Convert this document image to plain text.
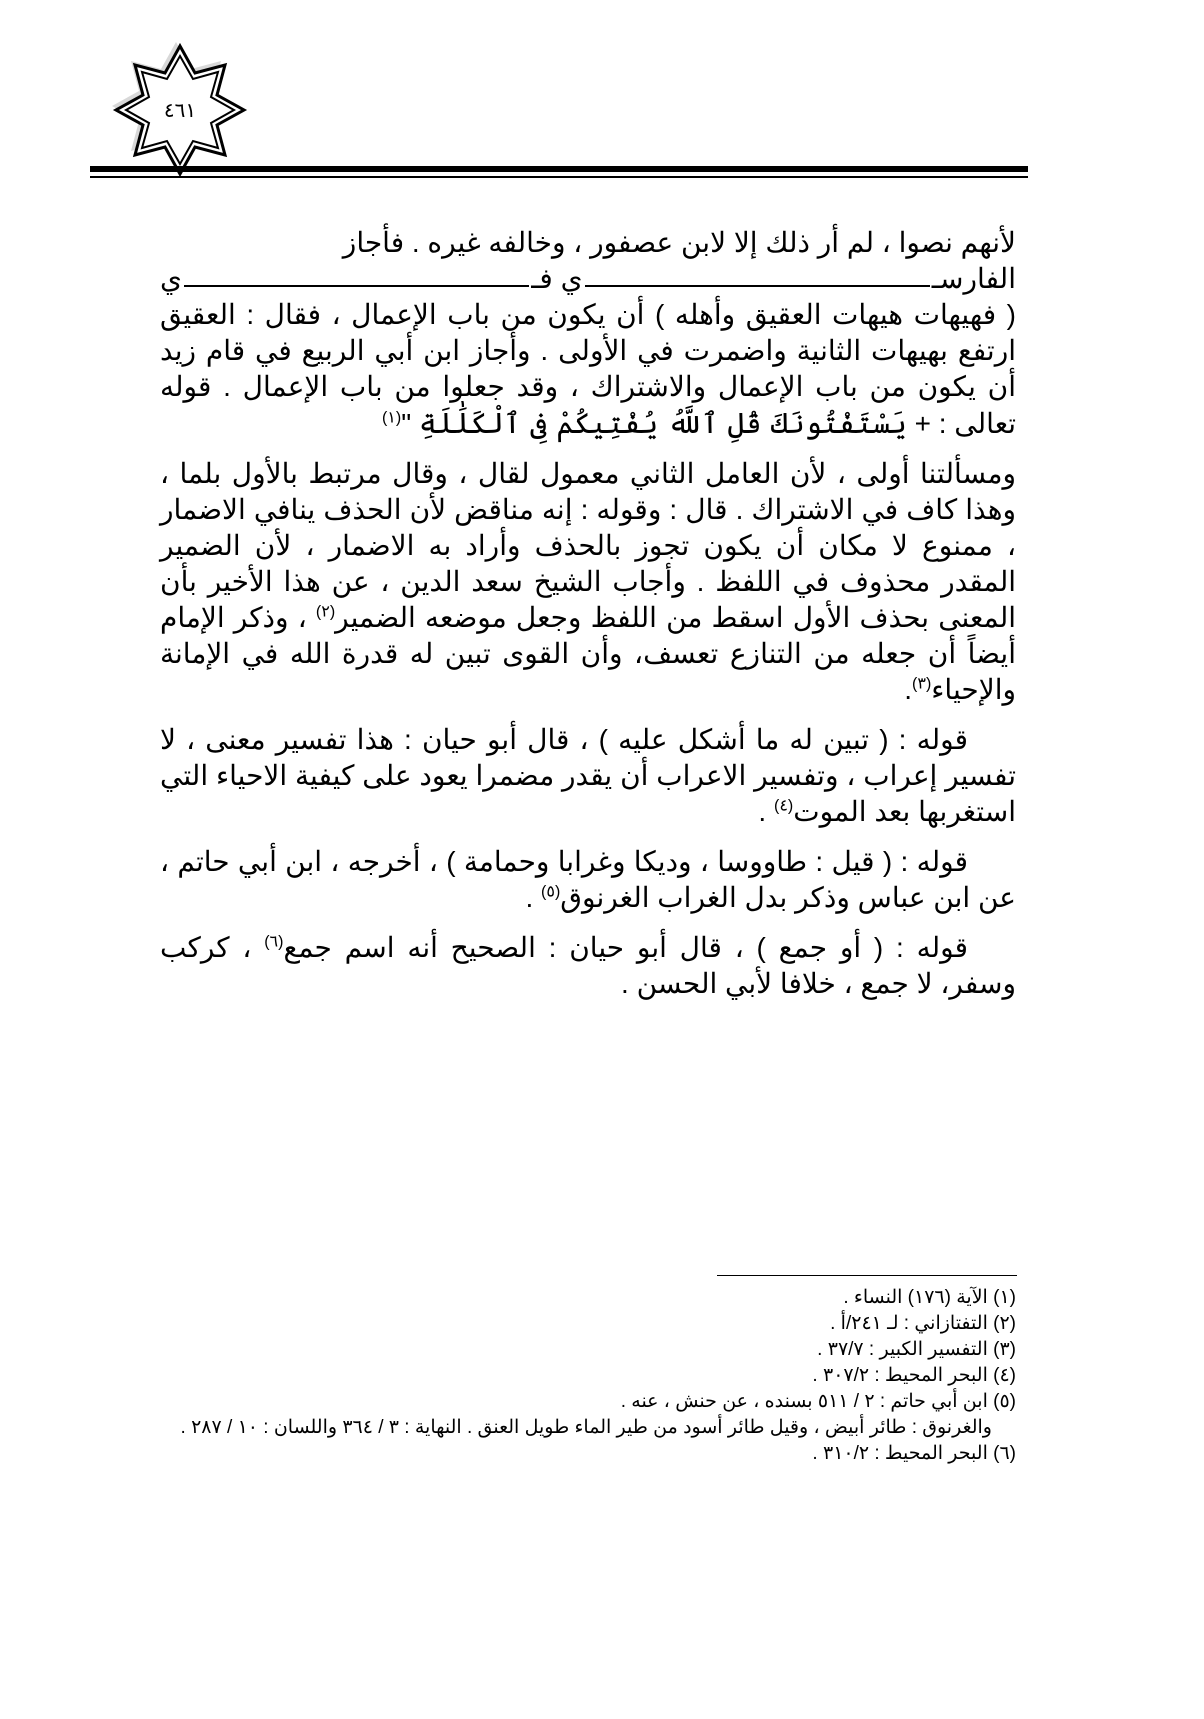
٤٦١

لأنهم نصوا ، لم أر ذلك إلا لابن عصفور ، وخالفه غيره . فأجاز

الفارسـ
ي فـ
ي

( فهيهات هيهات العقيق وأهله ) أن يكون من باب الإعمال ، فقال : العقيق ارتفع بهيهات الثانية واضمرت في الأولى . وأجاز ابن أبي الربيع في قام زيد أن يكون من باب الإعمال والاشتراك ، وقد جعلوا من باب الإعمال . قوله تعالى : + يَسْتَفْتُونَكَ قُلِ ٱللَّهُ يُفْتِيكُمْ فِى ٱلْكَلَٰلَةِ "$^{(١)}$

ومسألتنا أولى ، لأن العامل الثاني معمول لقال ، وقال مرتبط بالأول بلما ، وهذا كاف في الاشتراك . قال : وقوله : إنه مناقض لأن الحذف ينافي الاضمار ، ممنوع لا مكان أن يكون تجوز بالحذف وأراد به الاضمار ، لأن الضمير المقدر محذوف في اللفظ . وأجاب الشيخ سعد الدين ، عن هذا الأخير بأن المعنى بحذف الأول اسقط من اللفظ وجعل موضعه الضمير$^{(٢)}$ ، وذكر الإمام أيضاً أن جعله من التنازع تعسف، وأن القوى تبين له قدرة الله في الإمانة والإحياء$^{(٣)}$.

قوله : ( تبين له ما أشكل عليه ) ، قال أبو حيان : هذا تفسير معنى ، لا تفسير إعراب ، وتفسير الاعراب أن يقدر مضمرا يعود على كيفية الاحياء التي استغربها بعد الموت$^{(٤)}$ .

قوله : ( قيل : طاووسا ، وديكا وغرابا وحمامة ) ، أخرجه ، ابن أبي حاتم ، عن ابن عباس وذكر بدل الغراب الغرنوق$^{(٥)}$ .

قوله : ( أو جمع ) ، قال أبو حيان : الصحيح أنه اسم جمع$^{(٦)}$ ، كركب وسفر، لا جمع ، خلافا لأبي الحسن .

(١) الآية (١٧٦) النساء .
(٢) التفتازاني : لـ ٢٤١/أ .
(٣) التفسير الكبير : ٣٧/٧ .
(٤) البحر المحيط : ٣٠٧/٢ .
(٥) ابن أبي حاتم : ٢ / ٥١١ بسنده ، عن حنش ، عنه .
والغرنوق : طائر أبيض ، وقيل طائر أسود من طير الماء طويل العنق . النهاية : ٣ / ٣٦٤ واللسان : ١٠ / ٢٨٧ .
(٦) البحر المحيط : ٣١٠/٢ .
